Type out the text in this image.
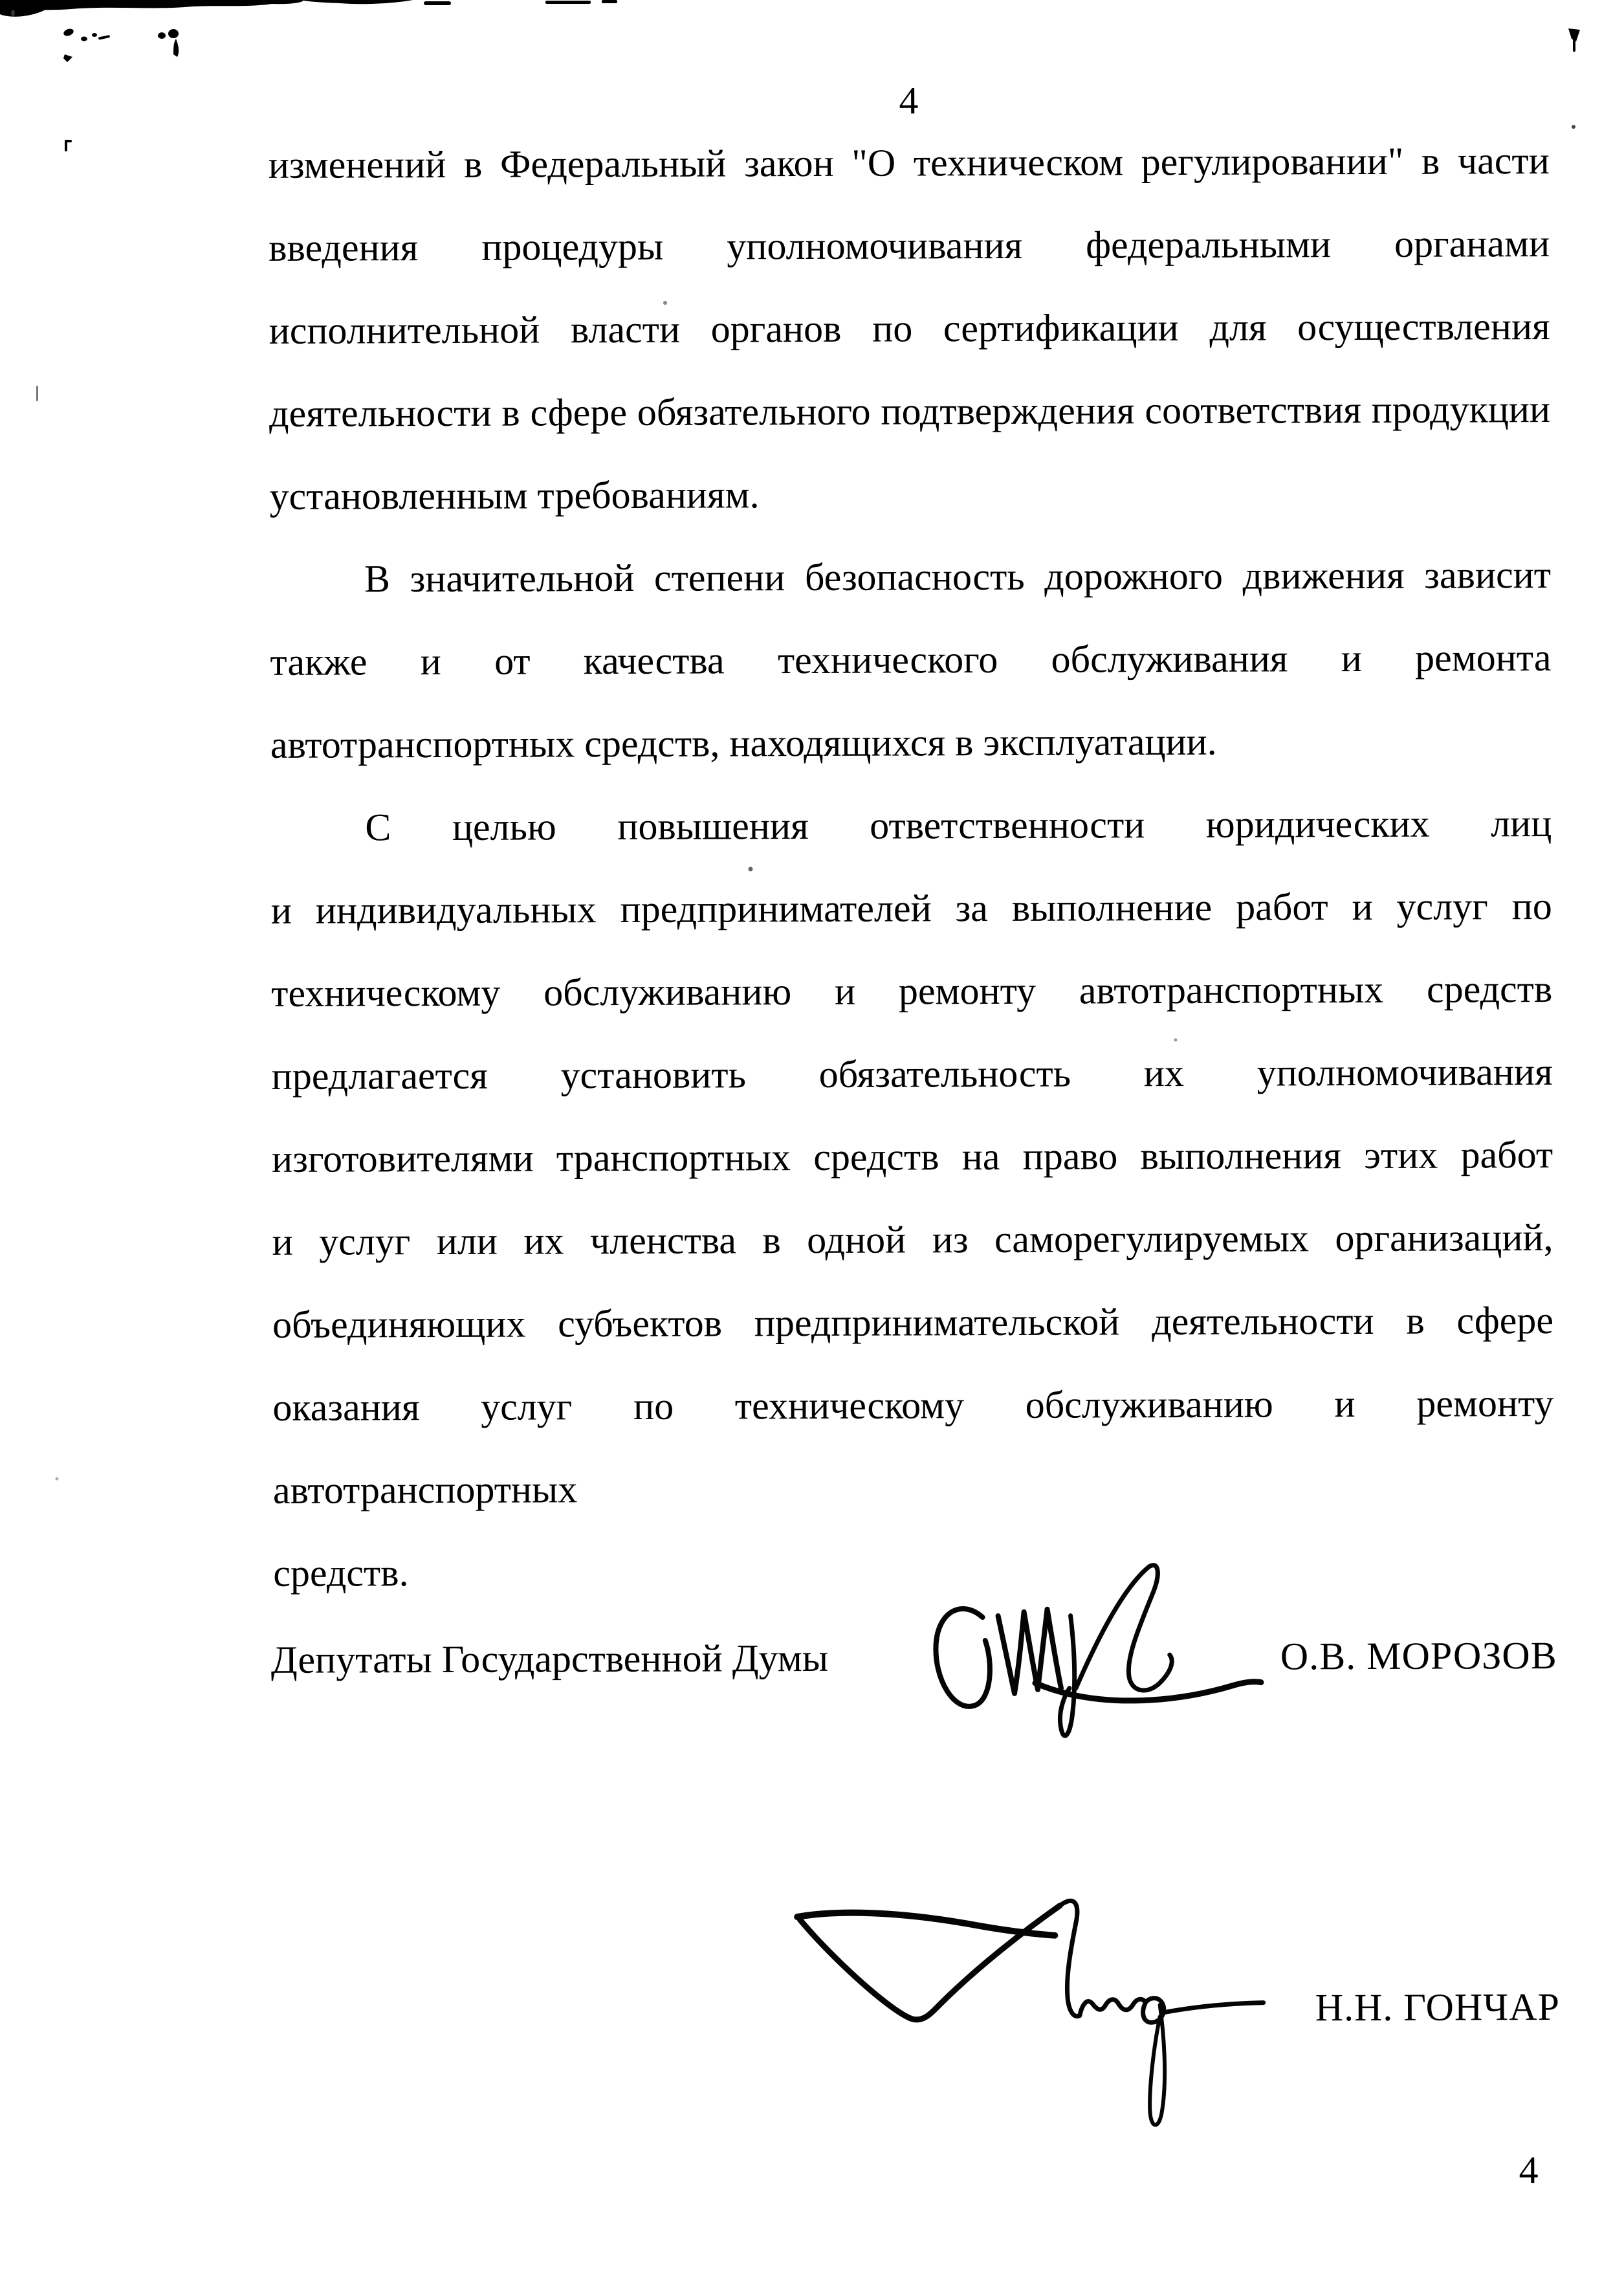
4
изменений в Федеральный закон "О техническом регулировании" в части
введения процедуры уполномочивания федеральными органами
исполнительной власти органов по сертификации для осуществления
деятельности в сфере обязательного подтверждения соответствия продукции
установленным требованиям.
В значительной степени безопасность дорожного движения зависит
также и от качества технического обслуживания и ремонта
автотранспортных средств, находящихся в эксплуатации.
С целью повышения ответственности юридических лиц
и индивидуальных предпринимателей за выполнение работ и услуг по
техническому обслуживанию и ремонту автотранспортных средств
предлагается установить обязательность их уполномочивания
изготовителями транспортных средств на право выполнения этих работ
и услуг или их членства в одной из саморегулируемых организаций,
объединяющих субъектов предпринимательской деятельности в сфере
оказания услуг по техническому обслуживанию и ремонту автотранспортных
средств.
Депутаты Государственной Думы	О.В. МОРОЗОВ
Н.Н. ГОНЧАР
4
